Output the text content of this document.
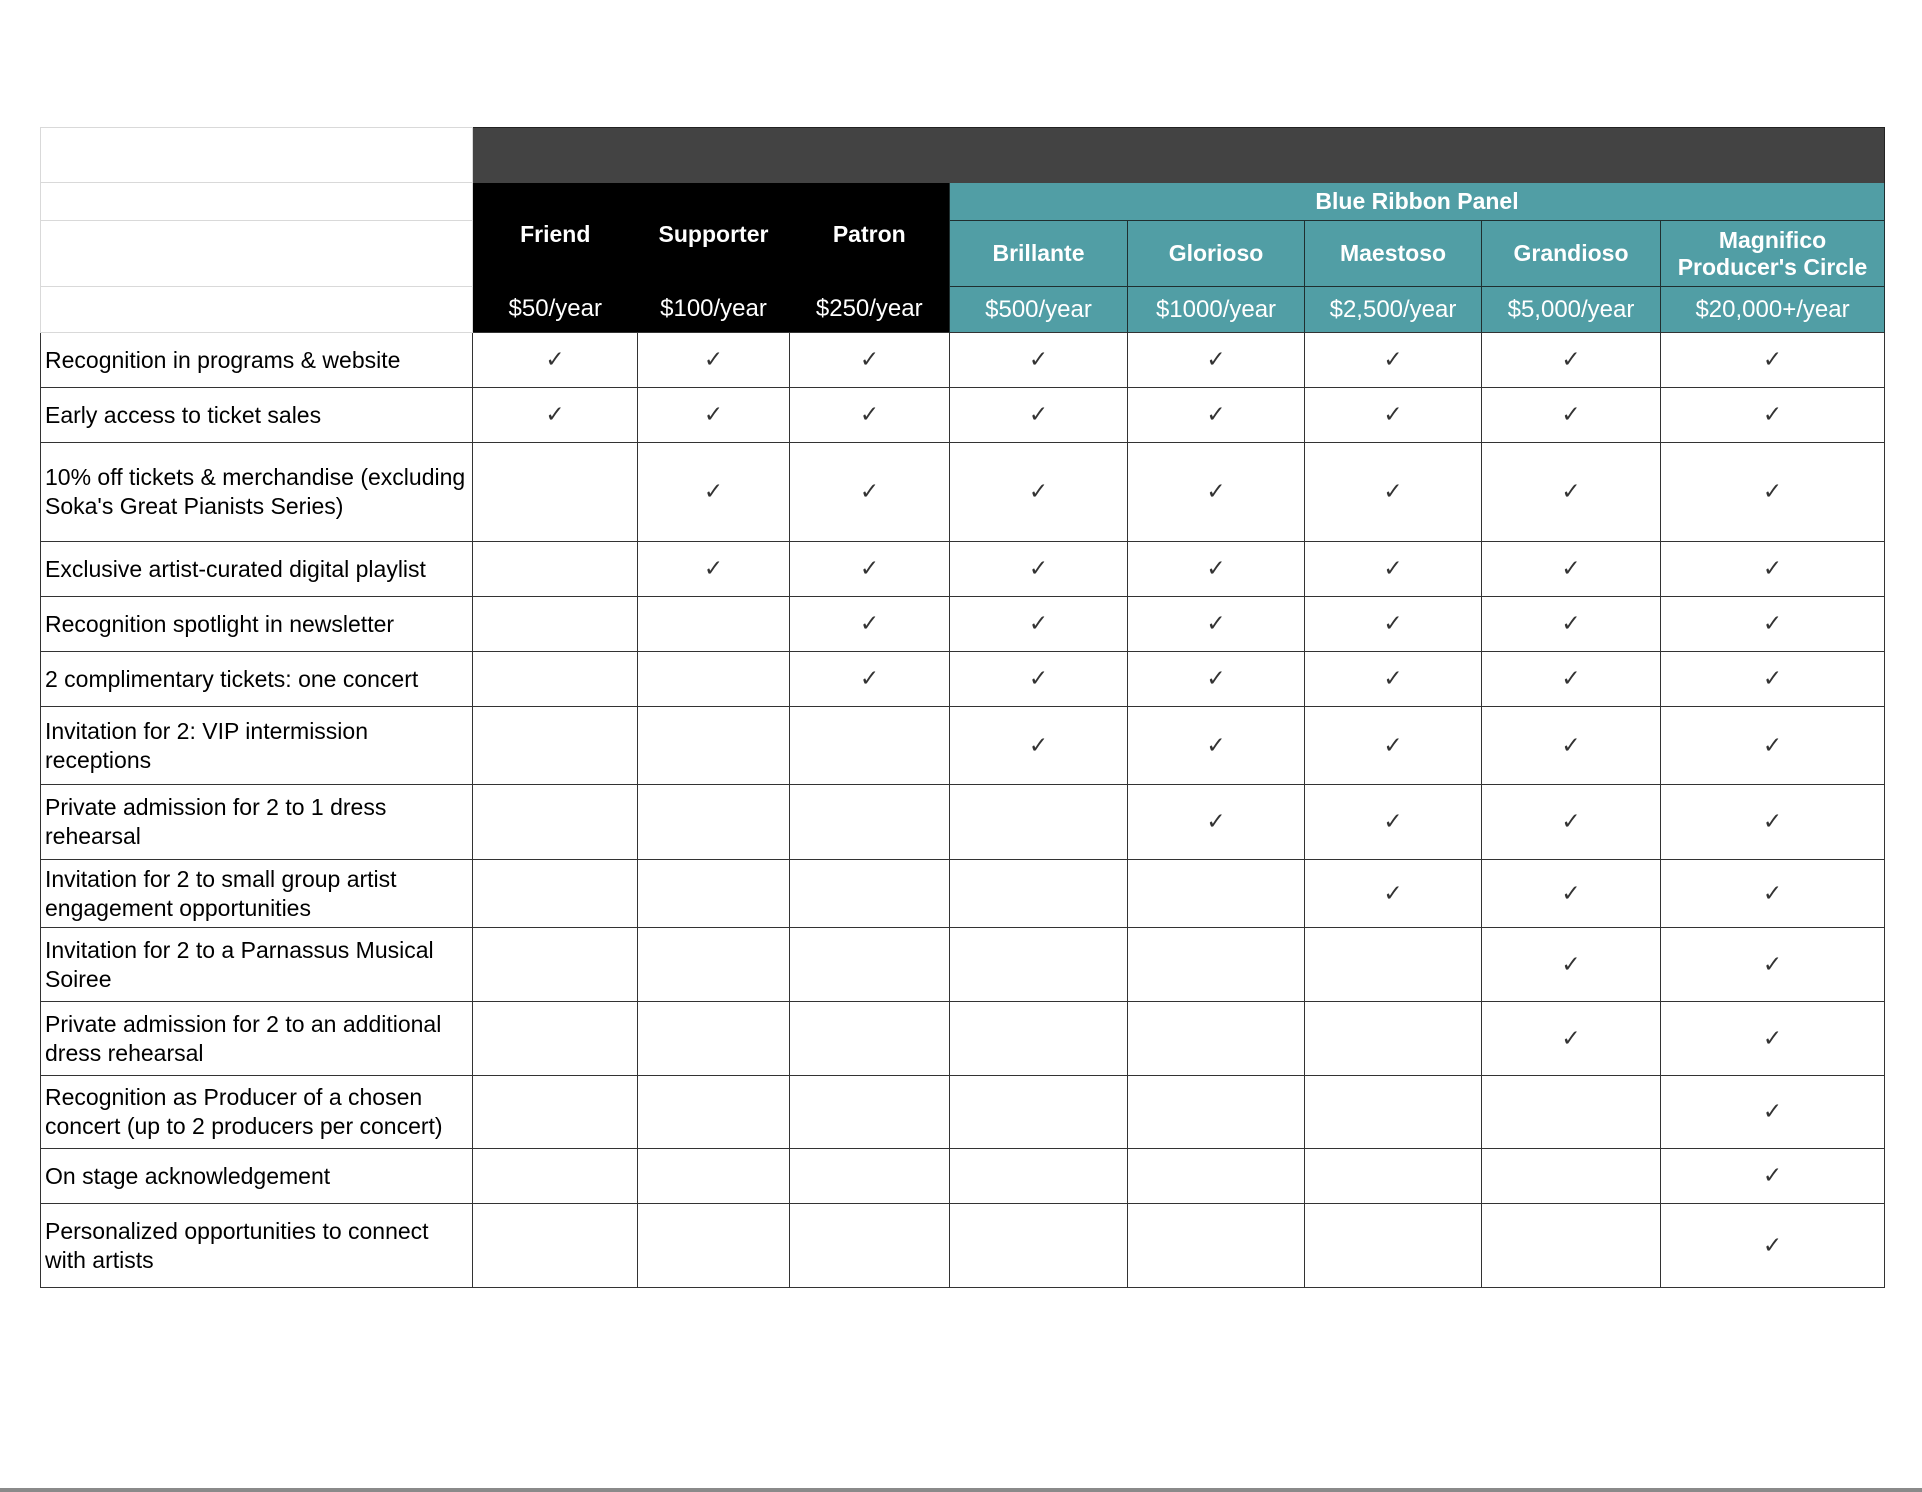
	Friend	Supporter	Patron	Blue Ribbon Panel				
				Brillante	Glorioso	Maestoso	Grandioso	Magnifico Producer's Circle
	$50/year	$100/year	$250/year	$500/year	$1000/year	$2,500/year	$5,000/year	$20,000+/year
Recognition in programs & website	✓	✓	✓	✓	✓	✓	✓	✓
Early access to ticket sales	✓	✓	✓	✓	✓	✓	✓	✓
10% off tickets & merchandise (excluding Soka's Great Pianists Series)		✓	✓	✓	✓	✓	✓	✓
Exclusive artist-curated digital playlist		✓	✓	✓	✓	✓	✓	✓
Recognition spotlight in newsletter			✓	✓	✓	✓	✓	✓
2 complimentary tickets: one concert			✓	✓	✓	✓	✓	✓
Invitation for 2: VIP intermission receptions				✓	✓	✓	✓	✓
Private admission for 2 to 1 dress rehearsal					✓	✓	✓	✓
Invitation for 2 to small group artist engagement opportunities						✓	✓	✓
Invitation for 2 to a Parnassus Musical Soiree							✓	✓
Private admission for 2 to an additional dress rehearsal							✓	✓
Recognition as Producer of a chosen concert (up to 2 producers per concert)								✓
On stage acknowledgement								✓
Personalized opportunities to connect with artists								✓
